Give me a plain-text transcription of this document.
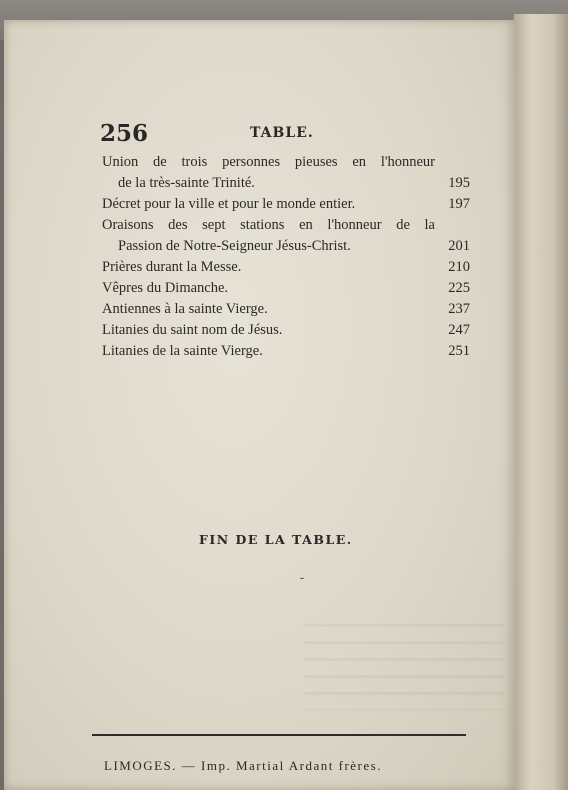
256	TABLE.
Union de trois personnes pieuses en l'honneur
de la très-sainte Trinité.	195
Décret pour la ville et pour le monde entier.	197
Oraisons des sept stations en l'honneur de la
Passion de Notre-Seigneur Jésus-Christ.	201
Prières durant la Messe.	210
Vêpres du Dimanche.	225
Antiennes à la sainte Vierge.	237
Litanies du saint nom de Jésus.	247
Litanies de la sainte Vierge.	251
FIN DE LA TABLE.
LIMOGES. — Imp. Martial Ardant frères.
